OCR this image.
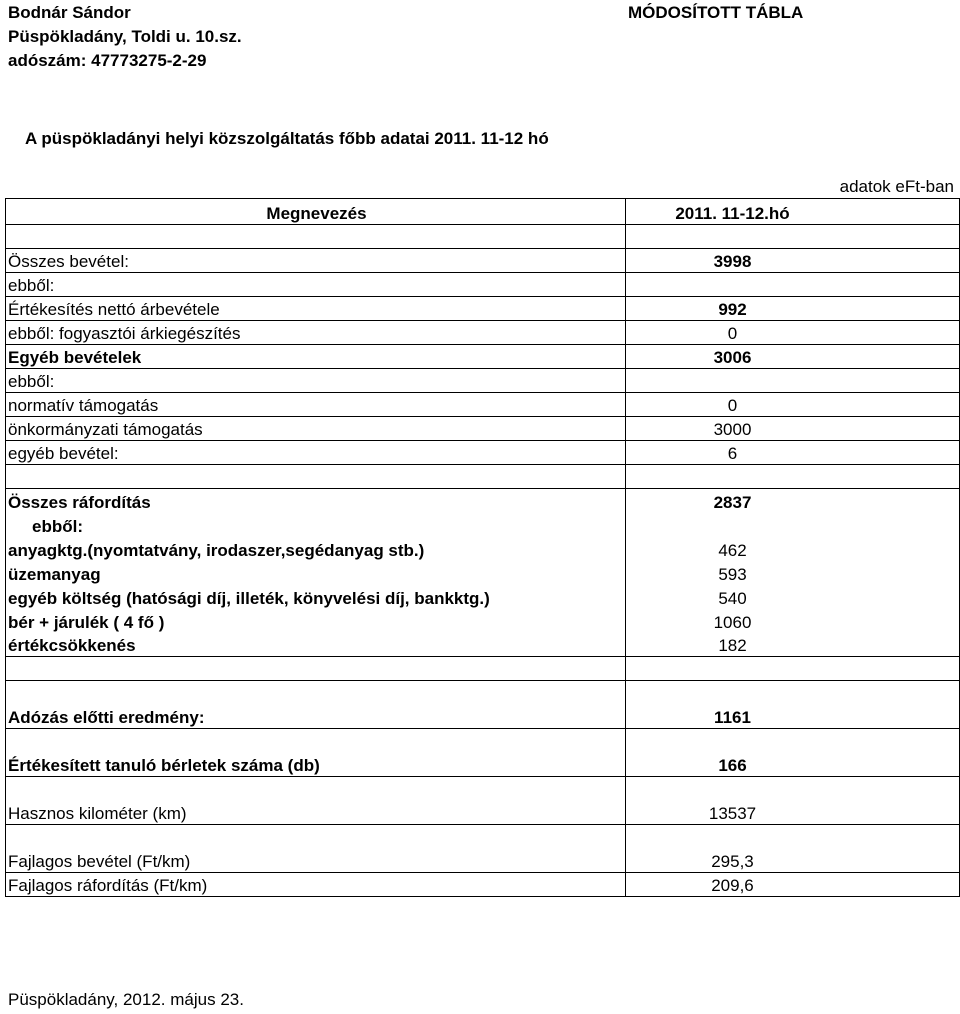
Bodnár Sándor
Püspökladány, Toldi u. 10.sz.
adószám: 47773275-2-29
MÓDOSÍTOTT TÁBLA
A püspökladányi helyi közszolgáltatás főbb adatai 2011. 11-12 hó
adatok eFt-ban
Megnevezés	2011. 11-12.hó

Összes bevétel:	3998
ebből:	
Értékesítés nettó árbevétele	992
ebből: fogyasztói árkiegészítés	0
Egyéb bevételek	3006
ebből:	
normatív támogatás	0
önkormányzati támogatás	3000
egyéb bevétel:	6

Összes ráfordítás	2837
ebből:	
anyagktg.(nyomtatvány, irodaszer,segédanyag stb.)	462
üzemanyag	593
egyéb költség (hatósági díj, illeték, könyvelési díj, bankktg.)	540
bér + járulék ( 4 fő )	1060
értékcsökkenés	182

Adózás előtti eredmény:	1161

Értékesített tanuló bérletek száma (db)	166

Hasznos kilométer (km)	13537

Fajlagos bevétel (Ft/km)	295,3
Fajlagos ráfordítás (Ft/km)	209,6
Püspökladány, 2012. május 23.
